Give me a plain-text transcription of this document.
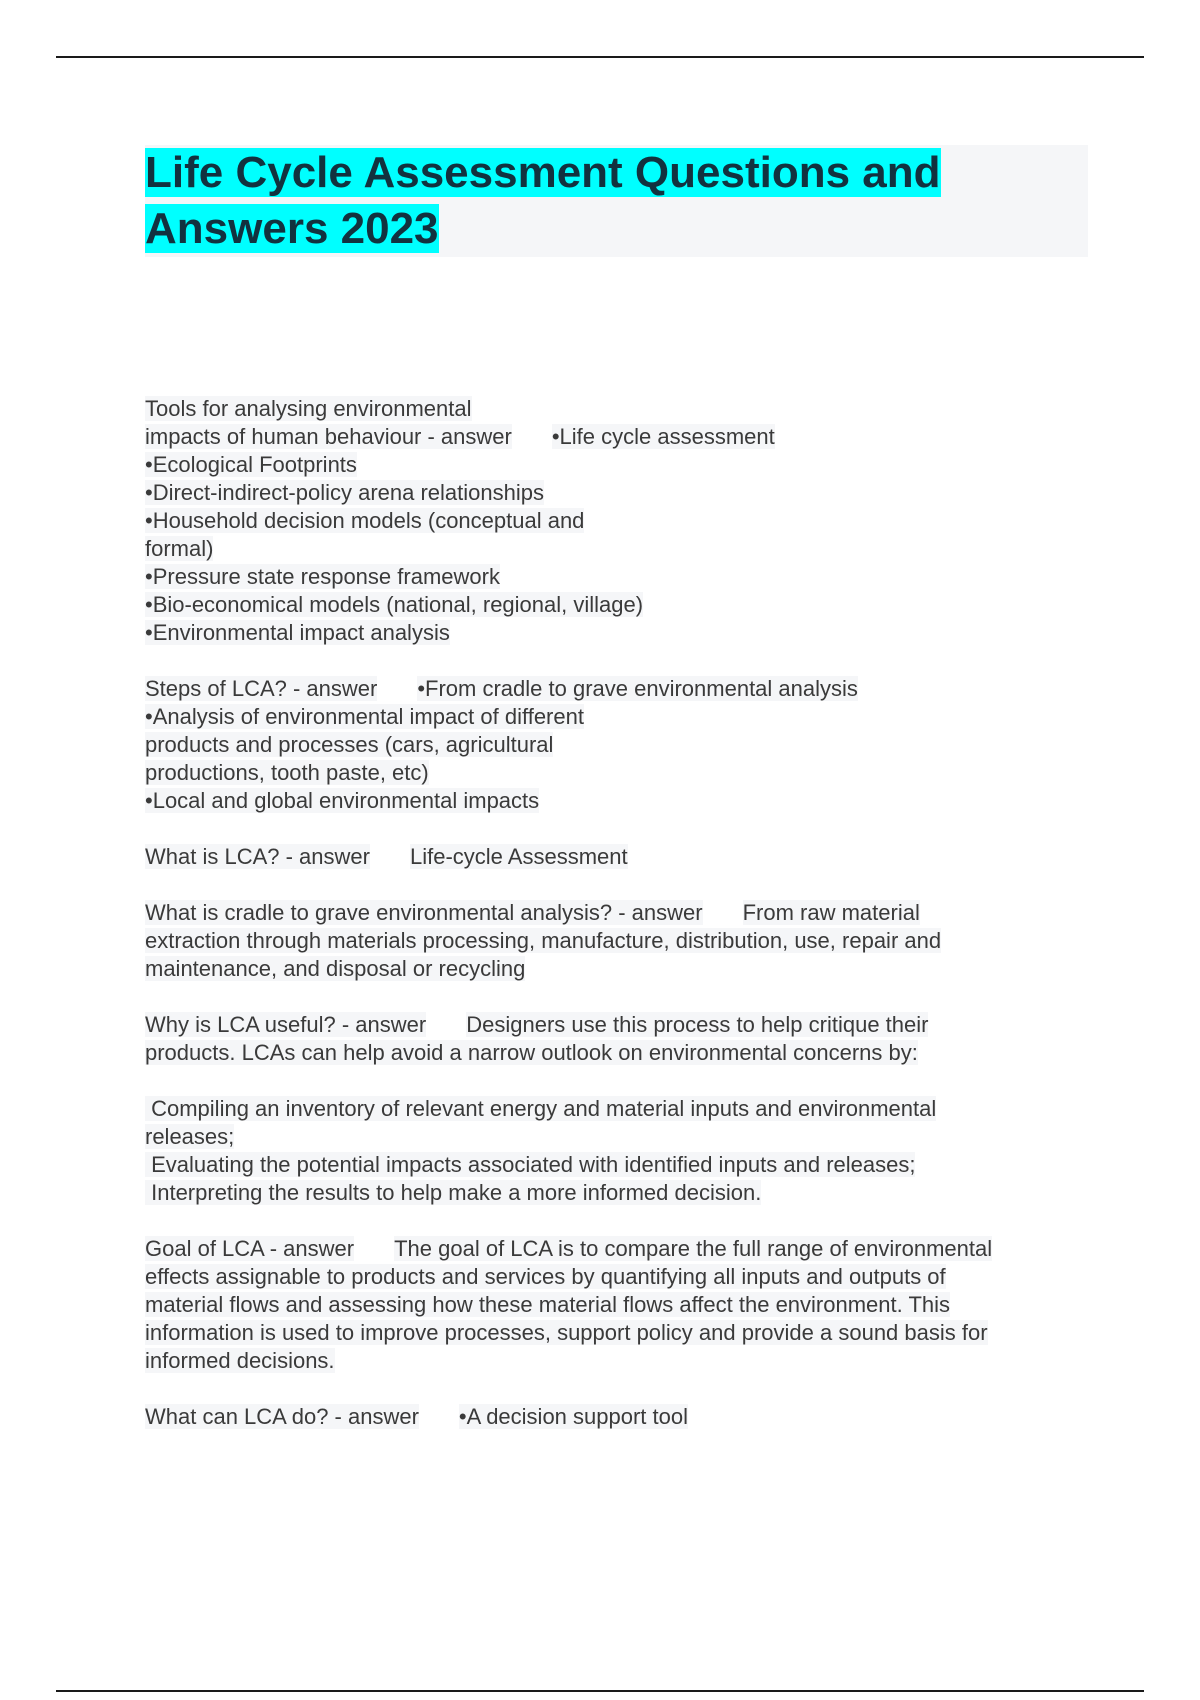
Life Cycle Assessment Questions and
Answers 2023
Tools for analysing environmental
impacts of human behaviour - answer •Life cycle assessment
•Ecological Footprints
•Direct-indirect-policy arena relationships
•Household decision models (conceptual and
formal)
•Pressure state response framework
•Bio-economical models (national, regional, village)
•Environmental impact analysis
Steps of LCA? - answer •From cradle to grave environmental analysis
•Analysis of environmental impact of different
products and processes (cars, agricultural
productions, tooth paste, etc)
•Local and global environmental impacts
What is LCA? - answer Life-cycle Assessment
What is cradle to grave environmental analysis? - answer From raw material
extraction through materials processing, manufacture, distribution, use, repair and
maintenance, and disposal or recycling
Why is LCA useful? - answer Designers use this process to help critique their
products. LCAs can help avoid a narrow outlook on environmental concerns by:
Compiling an inventory of relevant energy and material inputs and environmental
releases;
Evaluating the potential impacts associated with identified inputs and releases;
Interpreting the results to help make a more informed decision.
Goal of LCA - answer The goal of LCA is to compare the full range of environmental
effects assignable to products and services by quantifying all inputs and outputs of
material flows and assessing how these material flows affect the environment. This
information is used to improve processes, support policy and provide a sound basis for
informed decisions.
What can LCA do? - answer •A decision support tool
